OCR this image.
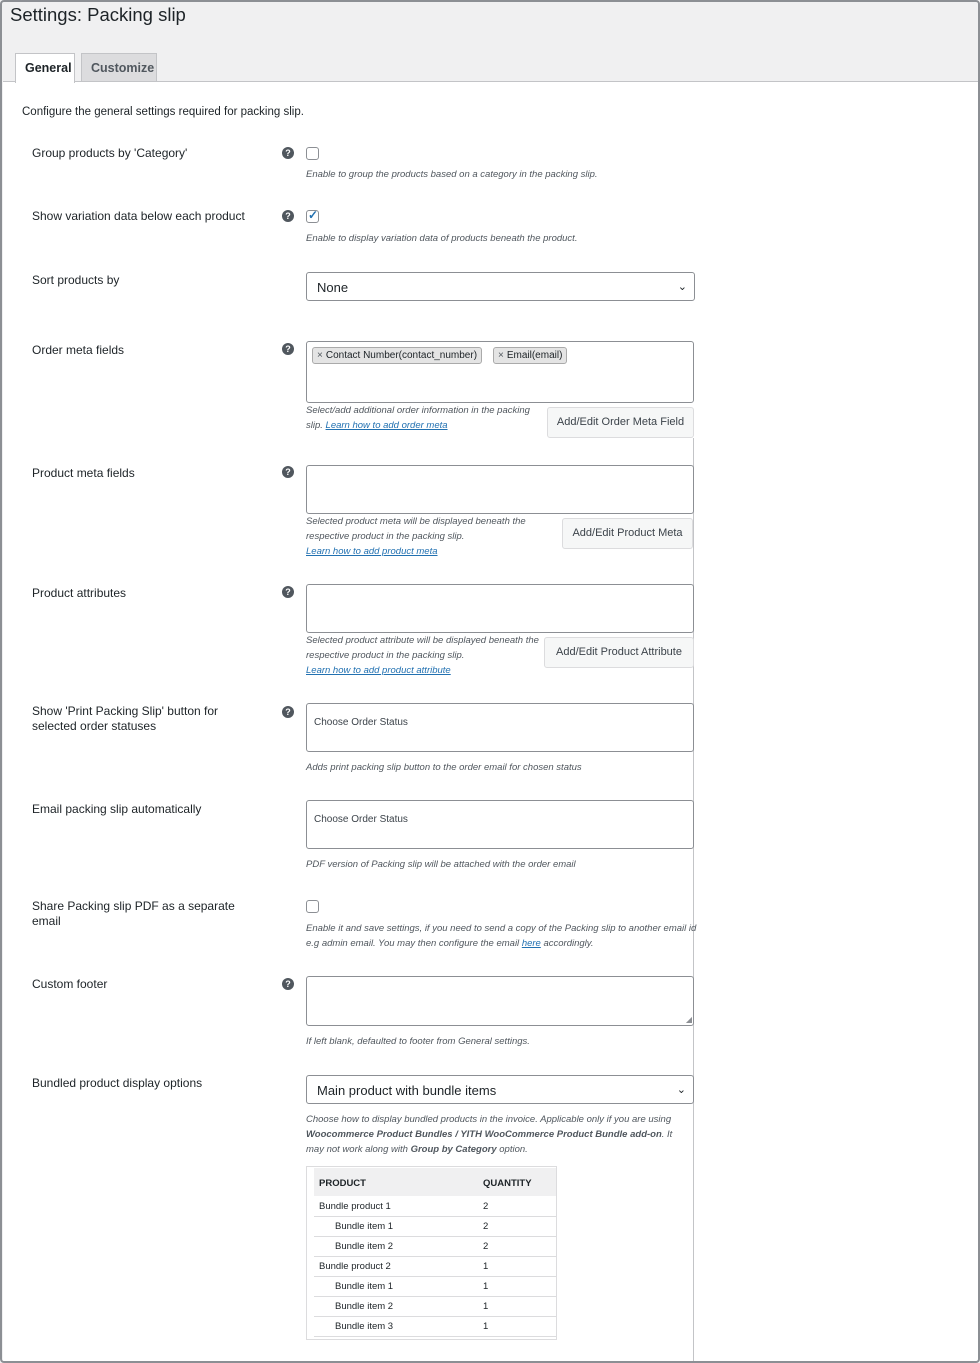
Settings: Packing slip
General	Customize
Configure the general settings required for packing slip.
Group products by 'Category'	?
Enable to group the products based on a category in the packing slip.
Show variation data below each product	? ✓
Enable to display variation data of products beneath the product.
Sort products by	None	⌄
Order meta fields	?
× Contact Number(contact_number)	× Email(email)
Select/add additional order information in the packing slip. Learn how to add order meta	Add/Edit Order Meta Field
Product meta fields	?
Selected product meta will be displayed beneath the respective product in the packing slip.
Learn how to add product meta
Add/Edit Product Meta
Product attributes	?
Selected product attribute will be displayed beneath the respective product in the packing slip.
Learn how to add product attribute
Add/Edit Product Attribute
Show 'Print Packing Slip' button for selected order statuses
?
Choose Order Status
Adds print packing slip button to the order email for chosen status
Email packing slip automatically
Choose Order Status
PDF version of Packing slip will be attached with the order email
Share Packing slip PDF as a separate email
Enable it and save settings, if you need to send a copy of the Packing slip to another email id e.g admin email. You may then configure the email here accordingly.
Custom footer	?
◢
If left blank, defaulted to footer from General settings.
Bundled product display options	Main product with bundle items	⌄
Choose how to display bundled products in the invoice. Applicable only if you are using Woocommerce Product Bundles / YITH WooCommerce Product Bundle add-on. It may not work along with Group by Category option.
PRODUCT	QUANTITY
Bundle product 1	2
Bundle item 1	2
Bundle item 2	2
Bundle product 2	1
Bundle item 1	1
Bundle item 2	1
Bundle item 3	1
